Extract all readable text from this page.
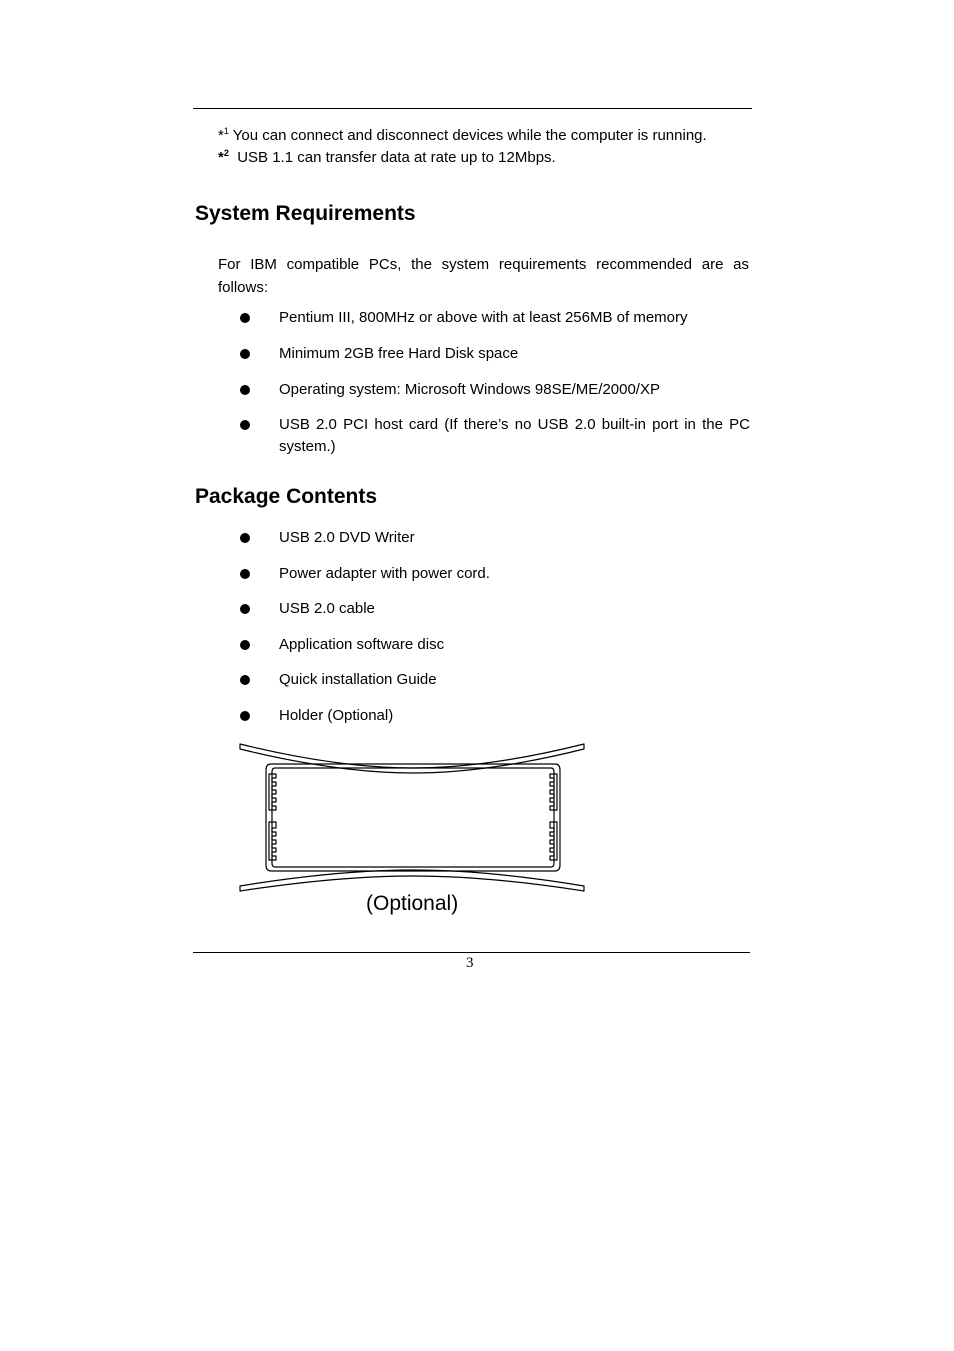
*$^1$ You can connect and disconnect devices while the computer is running.
*$^2$ USB 1.1 can transfer data at rate up to 12Mbps.
System Requirements

For IBM compatible PCs, the system requirements recommended are as follows:

Pentium III, 800MHz or above with at least 256MB of memory
Minimum 2GB free Hard Disk space
Operating system: Microsoft Windows 98SE/ME/2000/XP
USB 2.0 PCI host card (If there’s no USB 2.0 built-in port in the PC system.)
Package Contents
USB 2.0 DVD Writer
Power adapter with power cord.
USB 2.0 cable
Application software disc
Quick installation Guide
Holder (Optional)
(Optional)
3
